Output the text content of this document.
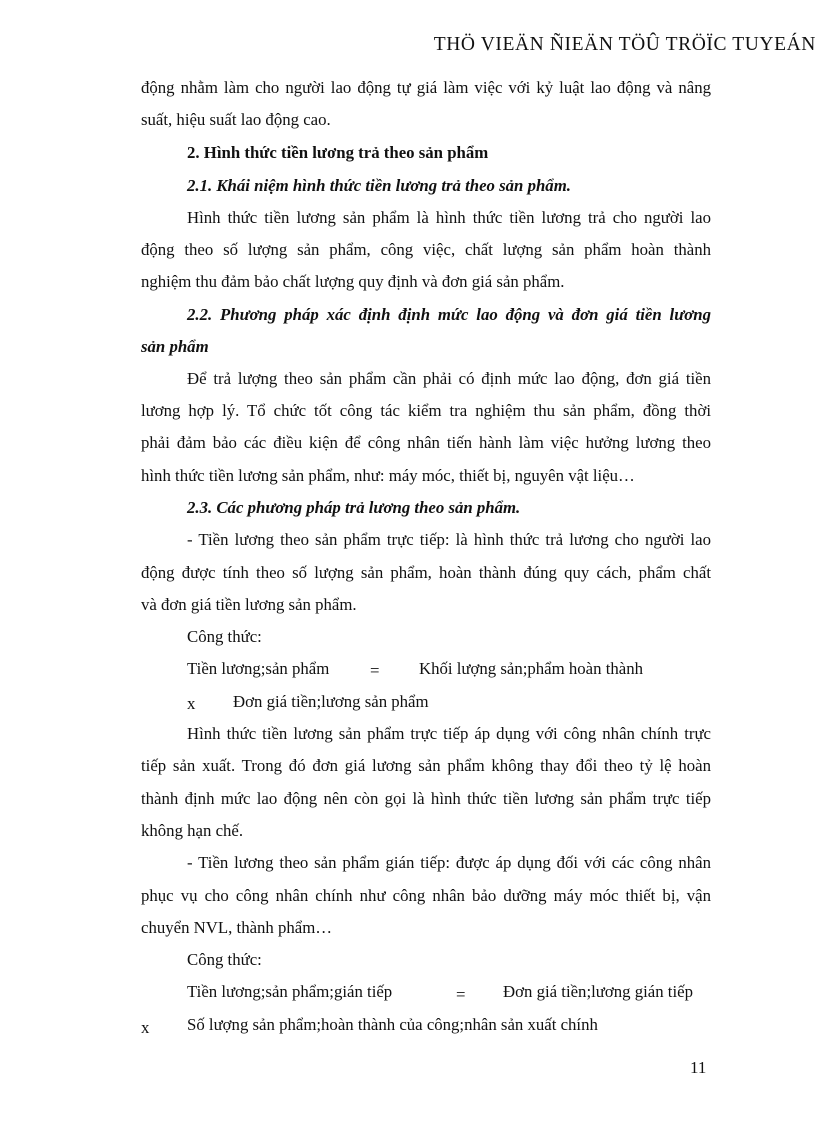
THÖ VIEÄN ÑIEÄN TÖÛ TRÖÏC TUYEÁN
động nhằm làm cho người lao động tự giá làm việc với kỷ luật lao động và nâng
suất, hiệu suất lao động cao.
2. Hình thức tiền lương trả theo sản phẩm
2.1. Khái niệm hình thức tiền lương trả theo sản phẩm.
Hình thức tiền lương sản phẩm là hình thức tiền lương trả cho người lao
động theo số lượng sản phẩm, công việc, chất lượng sản phẩm hoàn thành
nghiệm thu đảm bảo chất lượng quy định và đơn giá sản phẩm.
2.2. Phương pháp xác định định mức lao động và đơn giá tiền lương
sản phẩm
Để trả lượng theo sản phẩm cần phải có định mức lao động, đơn giá tiền
lương hợp lý. Tổ chức tốt công tác kiểm tra nghiệm thu sản phẩm, đồng thời
phải đảm bảo các điều kiện để công nhân tiến hành làm việc hưởng lương theo
hình thức tiền lương sản phẩm, như: máy móc, thiết bị, nguyên vật liệu…
2.3. Các phương pháp trả lương theo sản phẩm.
- Tiền lương theo sản phẩm trực tiếp: là hình thức trả lương cho người lao
động được tính theo số lượng sản phẩm, hoàn thành đúng quy cách, phẩm chất
và đơn giá tiền lương sản phẩm.
Công thức:
Tiền lương;sản phẩm = Khối lượng sản;phẩm hoàn thành
x Đơn giá tiền;lương sản phẩm
Hình thức tiền lương sản phẩm trực tiếp áp dụng với công nhân chính trực
tiếp sản xuất. Trong đó đơn giá lương sản phẩm không thay đổi theo tỷ lệ hoàn
thành định mức lao động nên còn gọi là hình thức tiền lương sản phẩm trực tiếp
không hạn chế.
- Tiền lương theo sản phẩm gián tiếp: được áp dụng đối với các công nhân
phục vụ cho công nhân chính như công nhân bảo dưỡng máy móc thiết bị, vận
chuyển NVL, thành phẩm…
Công thức:
Tiền lương;sản phẩm;gián tiếp	= Đơn giá tiền;lương gián tiếp
x Số lượng sản phẩm;hoàn thành của công;nhân sản xuất chính
11
